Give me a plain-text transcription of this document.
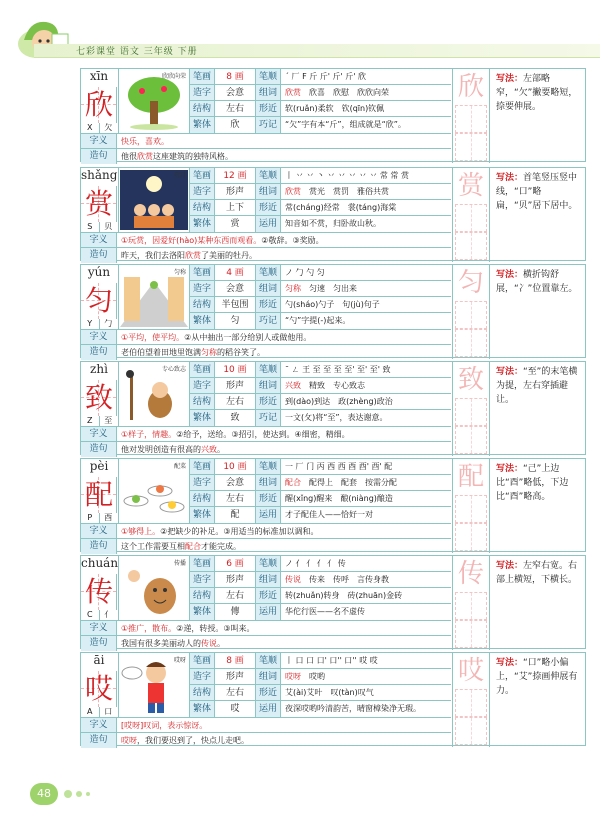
七彩课堂 语文 三年级 下册
xīn
欣
X	欠
欣欣向荣 笔画	8 画	笔顺	ˊ 厂 F 斤 斤' 斤' 斤' 欣
造字	会意	组词	欣赏　 欣喜　欣慰　欣欣向荣
结构	左右	形近	软(ruǎn)柔软　钦(qīn)钦佩
繁体	欣	巧记	“欠”字有本“斤”，组成就是“欣”。
字义	快乐，喜欢。
造句	他很欣赏这座建筑的独特风格。
欣	写法：左部略窄，“欠”撇要略短，捺要伸展。
shǎng
赏
S	贝
赏月 笔画	12 画	笔顺	丨 丷 丷 丶 丷 丷 丷 丷 丷 常 常 赏
造字	形声	组词	欣赏　 赏光　赏罚　雅俗共赏
结构	上下	形近	常(cháng)经常　裳(táng)海棠
繁体	赏	运用	知音如不赏，归卧故山秋。
字义	①玩赏，因爱好(hào)某种东西而观看。②敬辞。③奖励。
造句	昨天，我们去洛阳欣赏了美丽的牡丹。
赏	写法：首笔竖压竖中线，“口”略扁，“贝”居下居中。
yún
匀
Y	勹
匀称 笔画	4 画	笔顺	ノ 勹 勺 匀
造字	会意	组词	匀称　 匀速　匀出来
结构	半包围	形近	勺(sháo)勺子　句(jù)句子
繁体	匀	巧记	“勺”字提(-)起来。
字义	①平均，使平均。②从中抽出一部分给别人或做他用。
造句	老伯伯望着田地里饱满匀称的稻谷笑了。
匀	写法：横折钩舒展，“冫”位置靠左。
zhì
致
Z	至
专心致志 笔画	10 画	笔顺	ˉ ㄥ 王 至 至 至 至' 至' 至' 致
造字	形声	组词	兴致　 精致　专心致志
结构	左右	形近	到(dào)到达　政(zhèng)政治
繁体	致	巧记	一文(攵)将“至”，表达谢意。
字义	①样子，情趣。②给予，送给。③招引，使达到。④细密，精细。
造句	他对发明创造有很高的兴致。
致	写法：“至”的末笔横为提，左右穿插避让。
pèi
配
P	酉
配菜 笔画	10 画	笔顺	一 厂 门 丙 西 西 酉 酉' 酉' 配
造字	会意	组词	配合　 配得上　配套　按需分配
结构	左右	形近	醒(xǐng)醒来　酿(niàng)酿造
繁体	配	运用	才子配佳人——恰好一对
字义	①够得上。②把缺少的补足。③用适当的标准加以调和。
造句	这个工作需要互相配合才能完成。
配	写法：“己”上边比“酉”略低，下边比“酉”略高。
chuán
传
C	亻
传播 笔画	6 画	笔顺	ノ 亻 亻 亻 亻 传
造字	形声	组词	传说　 传来　传呼　言传身教
结构	左右	形近	转(zhuǎn)转身　砖(zhuān)金砖
繁体	傳	运用	华佗行医——名不虚传
字义	①推广，散布。②递，转授。③叫来。
造句	我国有很多美丽动人的传说。
传	写法：左窄右宽。右部上横短，下横长。
āi
哎
A	口
哎呀 笔画	8 画	笔顺	丨 口 口 口' 口'' 口'' 哎 哎
造字	形声	组词	哎呀　 哎哟
结构	左右	形近	艾(ài)艾叶　叹(tàn)叹气
繁体	哎	运用	夜深哎哟吟清韵苦，晴窗樟染净无瑕。
字义	[哎呀]叹词，表示惊讶。
造句	哎呀，我们要迟到了，快点儿走吧。
哎	写法：“口”略小偏上，“艾”捺画伸展有力。
48
